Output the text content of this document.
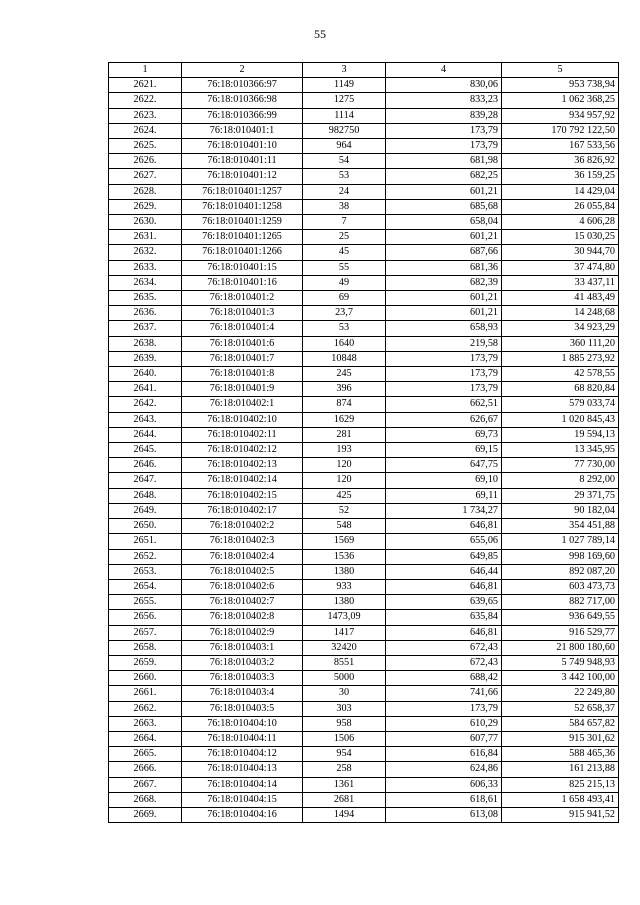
55
1	2	3	4	5
2621.	76:18:010366:97	1149	830,06	953 738,94
2622.	76:18:010366:98	1275	833,23	1 062 368,25
2623.	76:18:010366:99	1114	839,28	934 957,92
2624.	76:18:010401:1	982750	173,79	170 792 122,50
2625.	76:18:010401:10	964	173,79	167 533,56
2626.	76:18:010401:11	54	681,98	36 826,92
2627.	76:18:010401:12	53	682,25	36 159,25
2628.	76:18:010401:1257	24	601,21	14 429,04
2629.	76:18:010401:1258	38	685,68	26 055,84
2630.	76:18:010401:1259	7	658,04	4 606,28
2631.	76:18:010401:1265	25	601,21	15 030,25
2632.	76:18:010401:1266	45	687,66	30 944,70
2633.	76:18:010401:15	55	681,36	37 474,80
2634.	76:18:010401:16	49	682,39	33 437,11
2635.	76:18:010401:2	69	601,21	41 483,49
2636.	76:18:010401:3	23,7	601,21	14 248,68
2637.	76:18:010401:4	53	658,93	34 923,29
2638.	76:18:010401:6	1640	219,58	360 111,20
2639.	76:18:010401:7	10848	173,79	1 885 273,92
2640.	76:18:010401:8	245	173,79	42 578,55
2641.	76:18:010401:9	396	173,79	68 820,84
2642.	76:18:010402:1	874	662,51	579 033,74
2643.	76:18:010402:10	1629	626,67	1 020 845,43
2644.	76:18:010402:11	281	69,73	19 594,13
2645.	76:18:010402:12	193	69,15	13 345,95
2646.	76:18:010402:13	120	647,75	77 730,00
2647.	76:18:010402:14	120	69,10	8 292,00
2648.	76:18:010402:15	425	69,11	29 371,75
2649.	76:18:010402:17	52	1 734,27	90 182,04
2650.	76:18:010402:2	548	646,81	354 451,88
2651.	76:18:010402:3	1569	655,06	1 027 789,14
2652.	76:18:010402:4	1536	649,85	998 169,60
2653.	76:18:010402:5	1380	646,44	892 087,20
2654.	76:18:010402:6	933	646,81	603 473,73
2655.	76:18:010402:7	1380	639,65	882 717,00
2656.	76:18:010402:8	1473,09	635,84	936 649,55
2657.	76:18:010402:9	1417	646,81	916 529,77
2658.	76:18:010403:1	32420	672,43	21 800 180,60
2659.	76:18:010403:2	8551	672,43	5 749 948,93
2660.	76:18:010403:3	5000	688,42	3 442 100,00
2661.	76:18:010403:4	30	741,66	22 249,80
2662.	76:18:010403:5	303	173,79	52 658,37
2663.	76:18:010404:10	958	610,29	584 657,82
2664.	76:18:010404:11	1506	607,77	915 301,62
2665.	76:18:010404:12	954	616,84	588 465,36
2666.	76:18:010404:13	258	624,86	161 213,88
2667.	76:18:010404:14	1361	606,33	825 215,13
2668.	76:18:010404:15	2681	618,61	1 658 493,41
2669.	76:18:010404:16	1494	613,08	915 941,52
